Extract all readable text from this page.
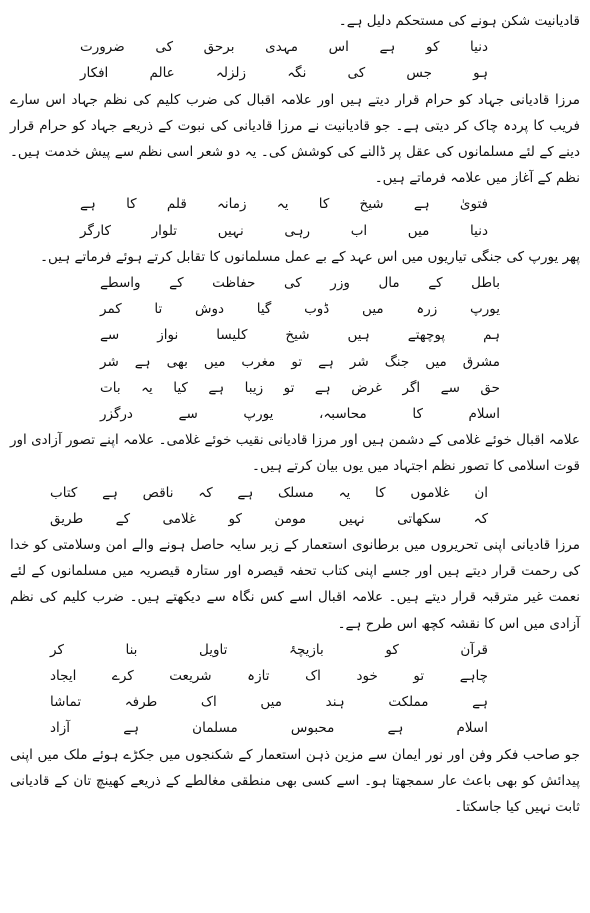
قادیانیت شکن ہونے کی مستحکم دلیل ہے۔
دنیا کو ہے اس مہدی برحق کی ضرورت
ہو جس کی نگہ زلزلہ عالم افکار
مرزا قادیانی جہاد کو حرام قرار دیتے ہیں اور علامہ اقبال کی ضرب کلیم کی نظم جہاد اس سارے فریب کا پردہ چاک کر دیتی ہے۔ جو قادیانیت نے مرزا قادیانی کی نبوت کے ذریعے جہاد کو حرام قرار دینے کے لئے مسلمانوں کی عقل پر ڈالنے کی کوشش کی۔ یہ دو شعر اسی نظم سے پیش خدمت ہیں۔ نظم کے آغاز میں علامہ فرماتے ہیں۔
فتویٰ ہے شیخ کا یہ زمانہ قلم کا ہے
دنیا میں اب رہی نہیں تلوار کارگر
پھر یورپ کی جنگی تیاریوں میں اس عہد کے بے عمل مسلمانوں کا تقابل کرتے ہوئے فرماتے ہیں۔
باطل کے مال وزر کی حفاظت کے واسطے
یورپ زرہ میں ڈوب گیا دوش تا کمر
ہم پوچھتے ہیں شیخ کلیسا نواز سے
مشرق میں جنگ شر ہے تو مغرب میں بھی ہے شر
حق سے اگر غرض ہے تو زیبا ہے کیا یہ بات
اسلام کا محاسبہ، یورپ سے درگزر
علامہ اقبال خوئے غلامی کے دشمن ہیں اور مرزا قادیانی نقیب خوئے غلامی۔ علامہ اپنے تصور آزادی اور قوت اسلامی کا تصور نظم اجتہاد میں یوں بیان کرتے ہیں۔
ان غلاموں کا یہ مسلک ہے کہ ناقص ہے کتاب
کہ سکھاتی نہیں مومن کو غلامی کے طریق
مرزا قادیانی اپنی تحریروں میں برطانوی استعمار کے زیر سایہ حاصل ہونے والے امن وسلامتی کو خدا کی رحمت قرار دیتے ہیں اور جسے اپنی کتاب تحفہ قیصرہ اور ستارہ قیصریہ میں مسلمانوں کے لئے نعمت غیر مترقبہ قرار دیتے ہیں۔ علامہ اقبال اسے کس نگاہ سے دیکھتے ہیں۔ ضرب کلیم کی نظم آزادی میں اس کا نقشہ کچھ اس طرح ہے۔
قرآن کو بازیچۂ تاویل بنا کر
چاہے تو خود اک تازہ شریعت کرے ایجاد
ہے مملکت ہند میں اک طرفہ تماشا
اسلام ہے محبوس مسلمان ہے آزاد
جو صاحب فکر وفن اور نور ایمان سے مزین ذہن استعمار کے شکنجوں میں جکڑے ہوئے ملک میں اپنی پیدائش کو بھی باعث عار سمجھتا ہو۔ اسے کسی بھی منطقی مغالطے کے ذریعے کھینچ تان کے قادیانی ثابت نہیں کیا جاسکتا۔
